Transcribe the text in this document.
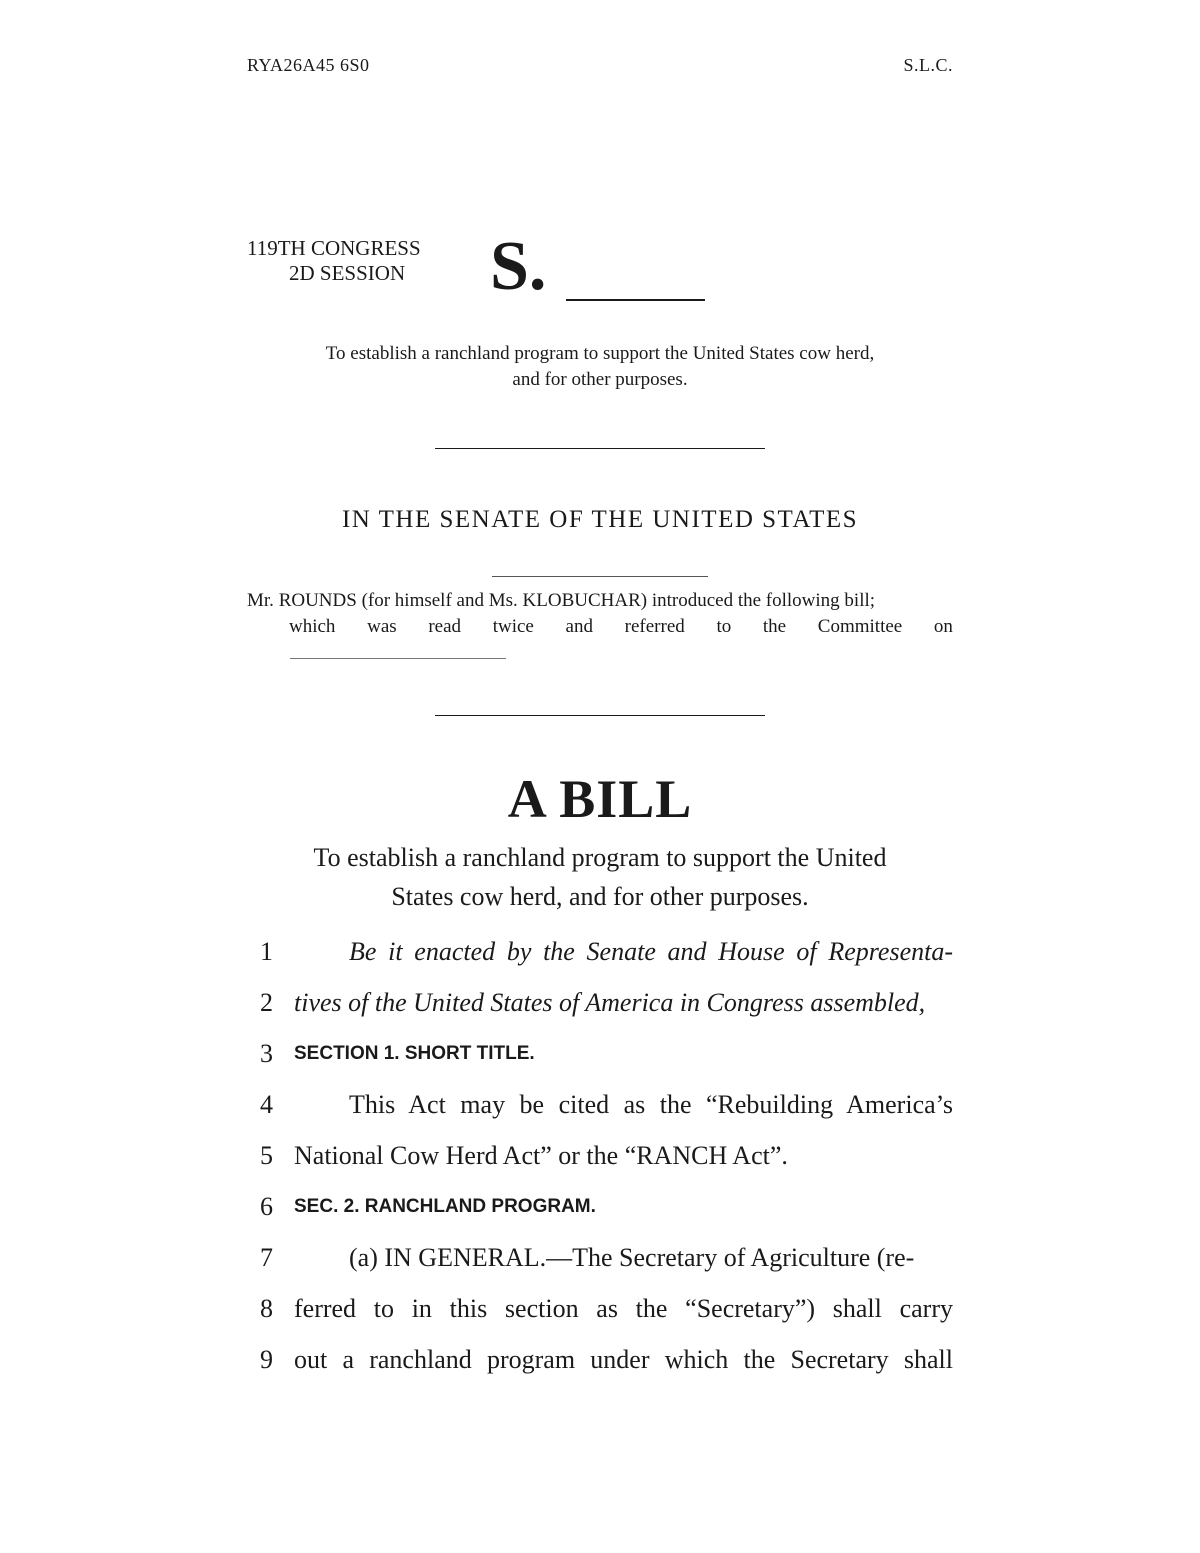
RYA26A45 6S0	S.L.C.
119TH CONGRESS
2D SESSION S.
To establish a ranchland program to support the United States cow herd,
and for other purposes.
IN THE SENATE OF THE UNITED STATES
Mr. ROUNDS (for himself and Ms. KLOBUCHAR) introduced the following bill;
which was read twice and referred to the Committee on
A BILL
To establish a ranchland program to support the United
States cow herd, and for other purposes.
1	Be it enacted by the Senate and House of Representa-
2 tives of the United States of America in Congress assembled,
3	SECTION 1. SHORT TITLE.
4	This Act may be cited as the “Rebuilding America’s
5 National Cow Herd Act” or the “RANCH Act”.
6	SEC. 2. RANCHLAND PROGRAM.
7	(a) IN GENERAL.—The Secretary of Agriculture (re-
8 ferred to in this section as the “Secretary”) shall carry
9 out a ranchland program under which the Secretary shall
